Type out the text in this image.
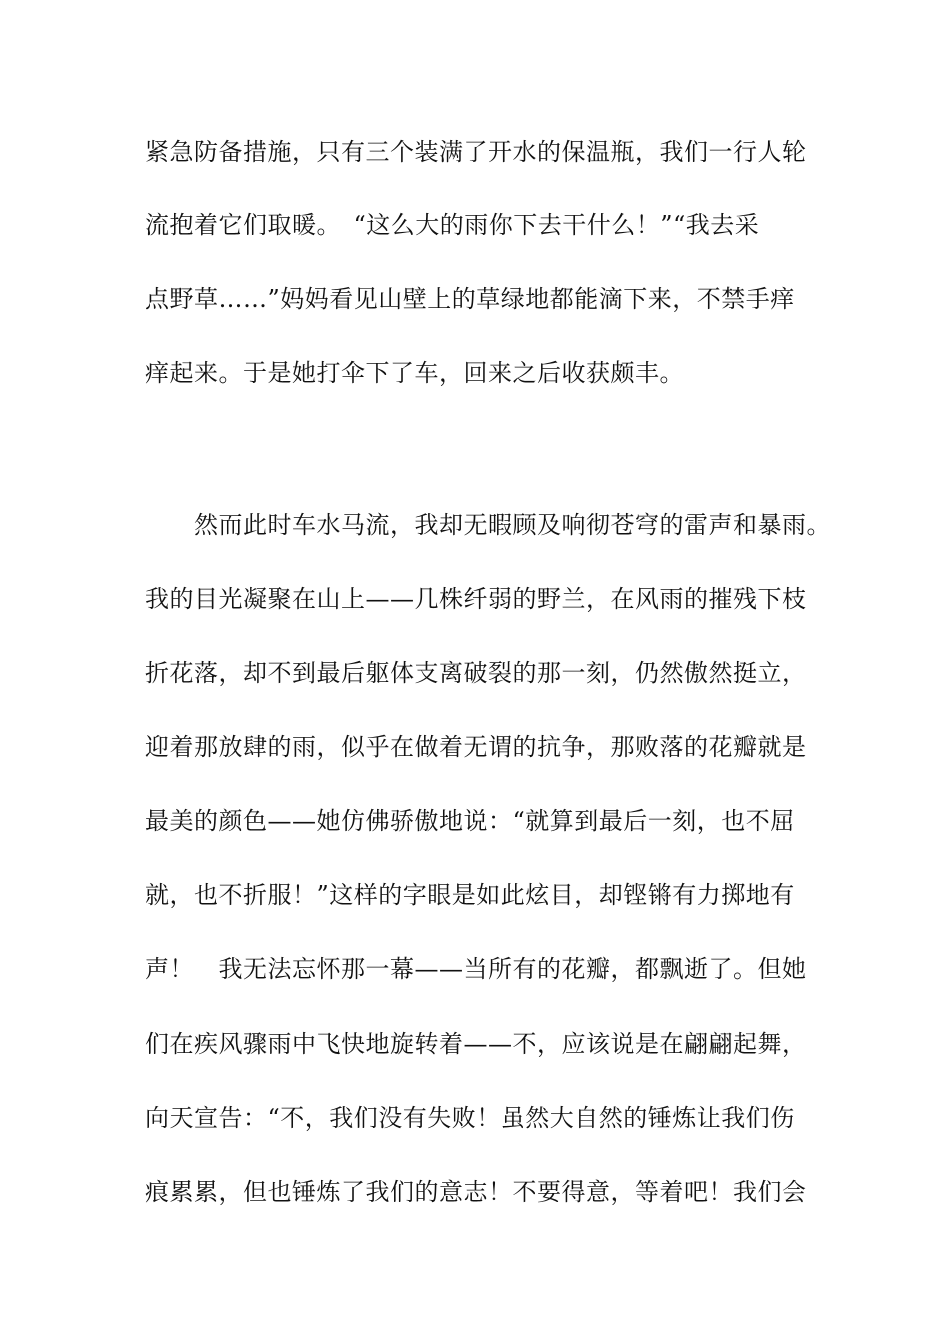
紧急防备措施，只有三个装满了开水的保温瓶，我们一行人轮
流抱着它们取暖。　“这么大的雨你下去干什么！”“我去采
点野草……”妈妈看见山壁上的草绿地都能滴下来，不禁手痒
痒起来。于是她打伞下了车，回来之后收获颇丰。
　　然而此时车水马流，我却无暇顾及响彻苍穹的雷声和暴雨。
我的目光凝聚在山上——几株纤弱的野兰，在风雨的摧残下枝
折花落，却不到最后躯体支离破裂的那一刻，仍然傲然挺立，
迎着那放肆的雨，似乎在做着无谓的抗争，那败落的花瓣就是
最美的颜色——她仿佛骄傲地说：“就算到最后一刻，也不屈
就，也不折服！”这样的字眼是如此炫目，却铿锵有力掷地有
声！　我无法忘怀那一幕——当所有的花瓣，都飘逝了。但她
们在疾风骤雨中飞快地旋转着——不，应该说是在翩翩起舞，
向天宣告：“不，我们没有失败！虽然大自然的锤炼让我们伤
痕累累，但也锤炼了我们的意志！不要得意，等着吧！我们会
